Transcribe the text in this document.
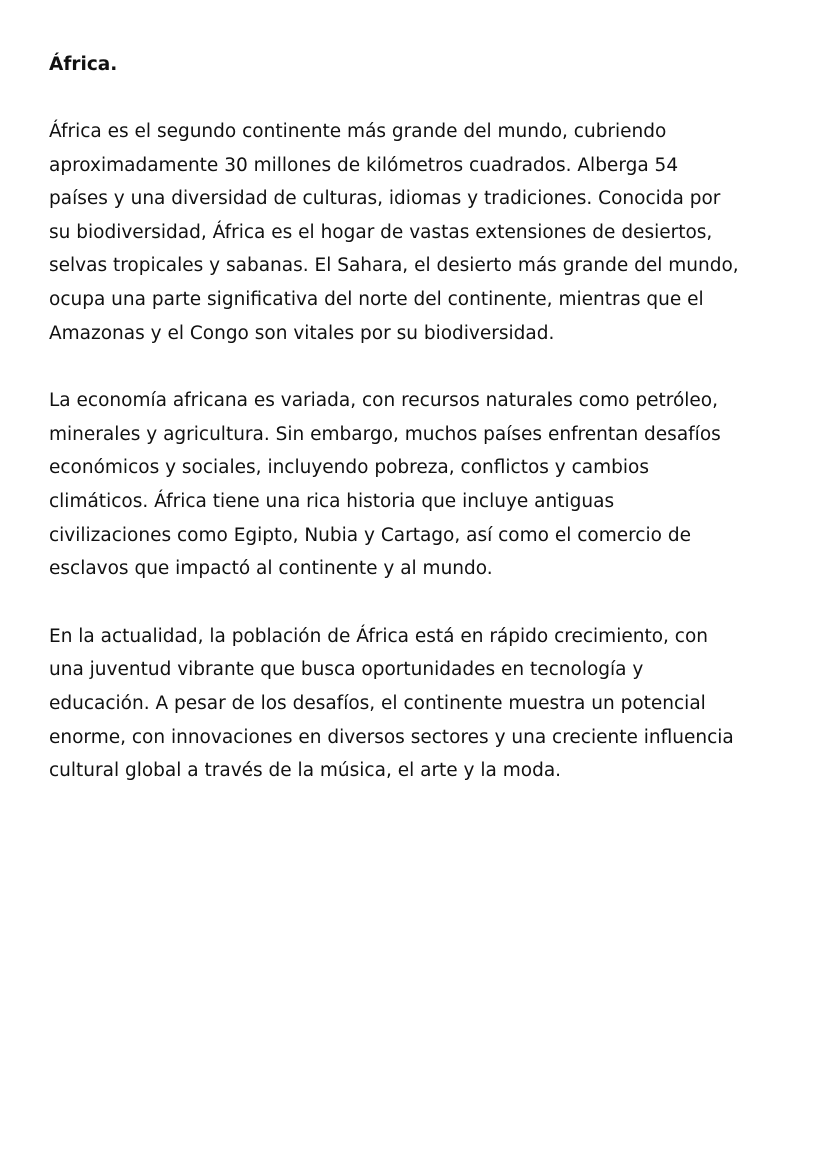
África.

África es el segundo continente más grande del mundo, cubriendo aproximadamente 30 millones de kilómetros cuadrados. Alberga 54 países y una diversidad de culturas, idiomas y tradiciones. Conocida por su biodiversidad, África es el hogar de vastas extensiones de desiertos, selvas tropicales y sabanas. El Sahara, el desierto más grande del mundo, ocupa una parte significativa del norte del continente, mientras que el Amazonas y el Congo son vitales por su biodiversidad.

La economía africana es variada, con recursos naturales como petróleo, minerales y agricultura. Sin embargo, muchos países enfrentan desafíos económicos y sociales, incluyendo pobreza, conflictos y cambios climáticos. África tiene una rica historia que incluye antiguas civilizaciones como Egipto, Nubia y Cartago, así como el comercio de esclavos que impactó al continente y al mundo.

En la actualidad, la población de África está en rápido crecimiento, con una juventud vibrante que busca oportunidades en tecnología y educación. A pesar de los desafíos, el continente muestra un potencial enorme, con innovaciones en diversos sectores y una creciente influencia cultural global a través de la música, el arte y la moda.
